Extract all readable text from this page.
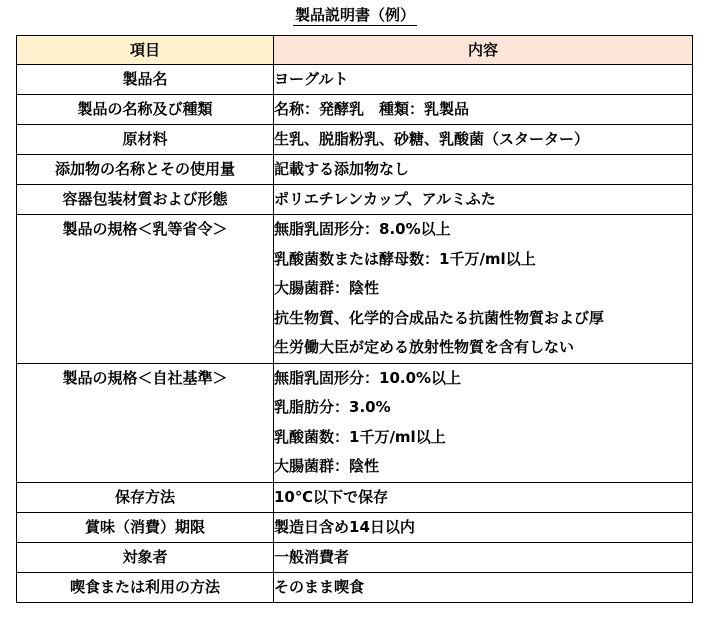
製品説明書（例）
項目	内容
製品名	ヨーグルト
製品の名称及び種類	名称：発酵乳　種類：乳製品
原材料	生乳、脱脂粉乳、砂糖、乳酸菌（スターター）
添加物の名称とその使用量	記載する添加物なし
容器包装材質および形態	ポリエチレンカップ、アルミふた

製品の規格＜乳等省令＞	無脂乳固形分：8.0%以上
乳酸菌数または酵母数：1千万/ml以上
大腸菌群：陰性
抗生物質、化学的合成品たる抗菌性物質および厚
生労働大臣が定める放射性物質を含有しない

製品の規格＜自社基準＞	無脂乳固形分：10.0%以上
乳脂肪分：3.0%
乳酸菌数：1千万/ml以上
大腸菌群：陰性

保存方法	10℃以下で保存
賞味（消費）期限	製造日含め14日以内
対象者	一般消費者
喫食または利用の方法	そのまま喫食
